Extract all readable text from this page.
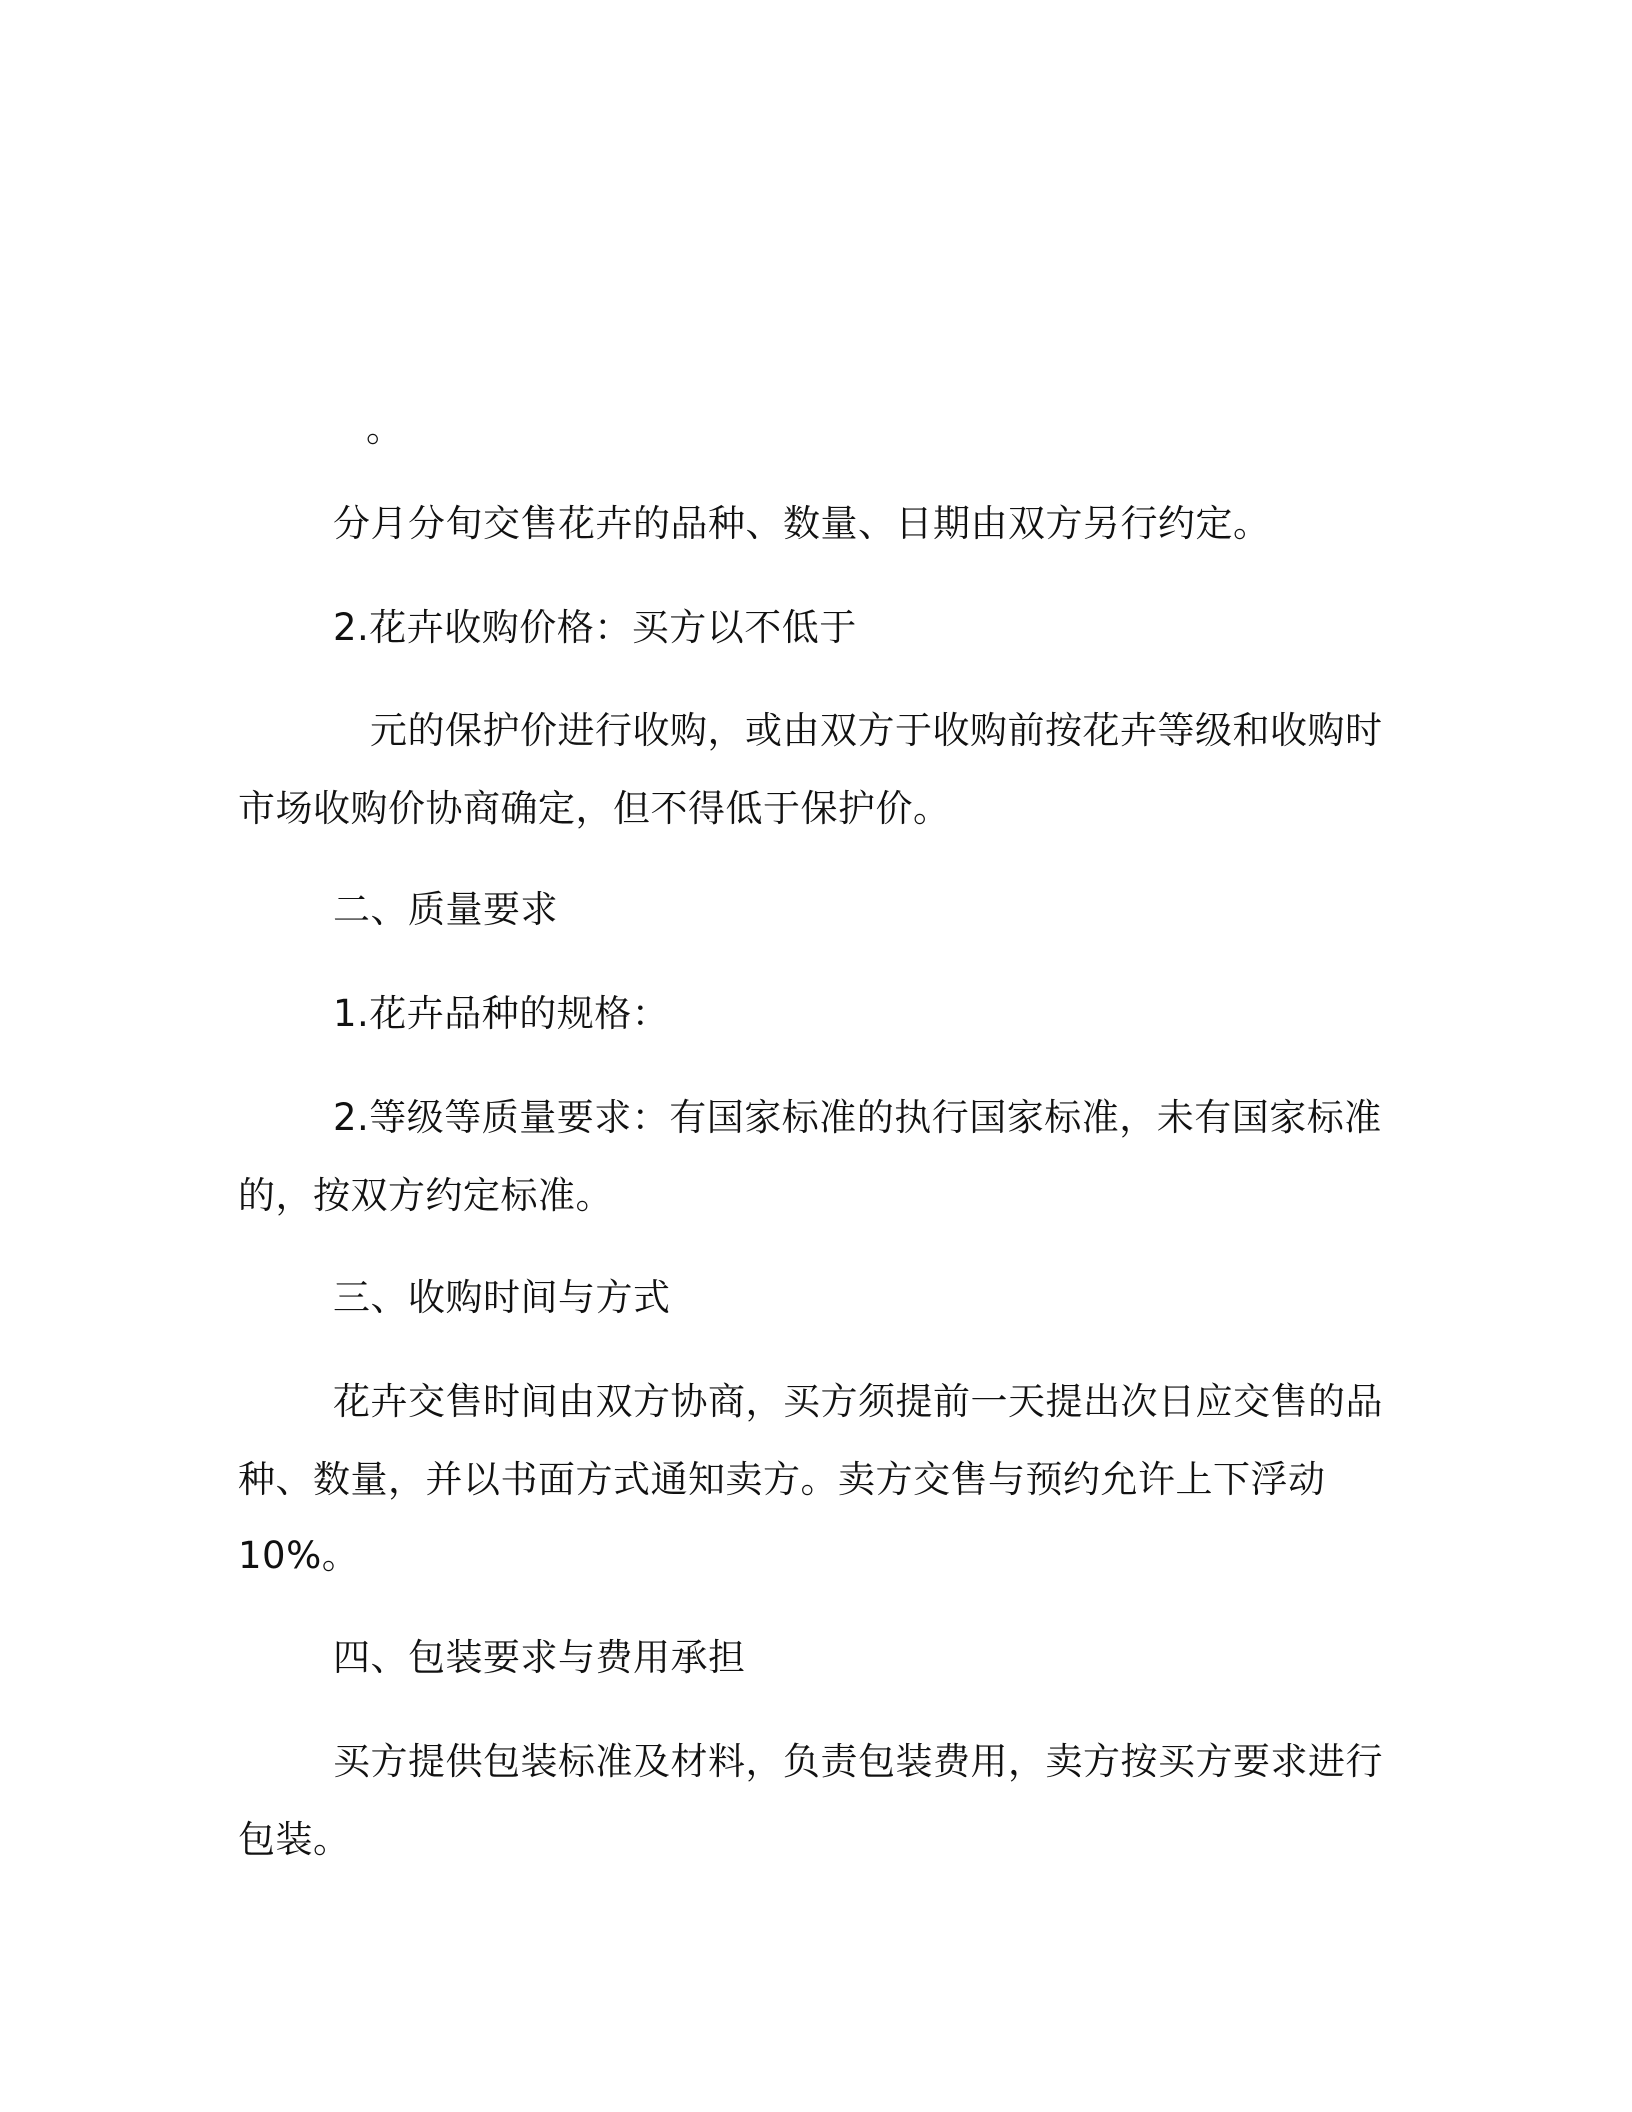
。
分月分旬交售花卉的品种、数量、日期由双方另行约定。
2.花卉收购价格：买方以不低于
元的保护价进行收购，或由双方于收购前按花卉等级和收购时
市场收购价协商确定，但不得低于保护价。
二、质量要求
1.花卉品种的规格：
2.等级等质量要求：有国家标准的执行国家标准，未有国家标准
的，按双方约定标准。
三、收购时间与方式
花卉交售时间由双方协商，买方须提前一天提出次日应交售的品
种、数量，并以书面方式通知卖方。卖方交售与预约允许上下浮动
10%。
四、包装要求与费用承担
买方提供包装标准及材料，负责包装费用，卖方按买方要求进行
包装。
